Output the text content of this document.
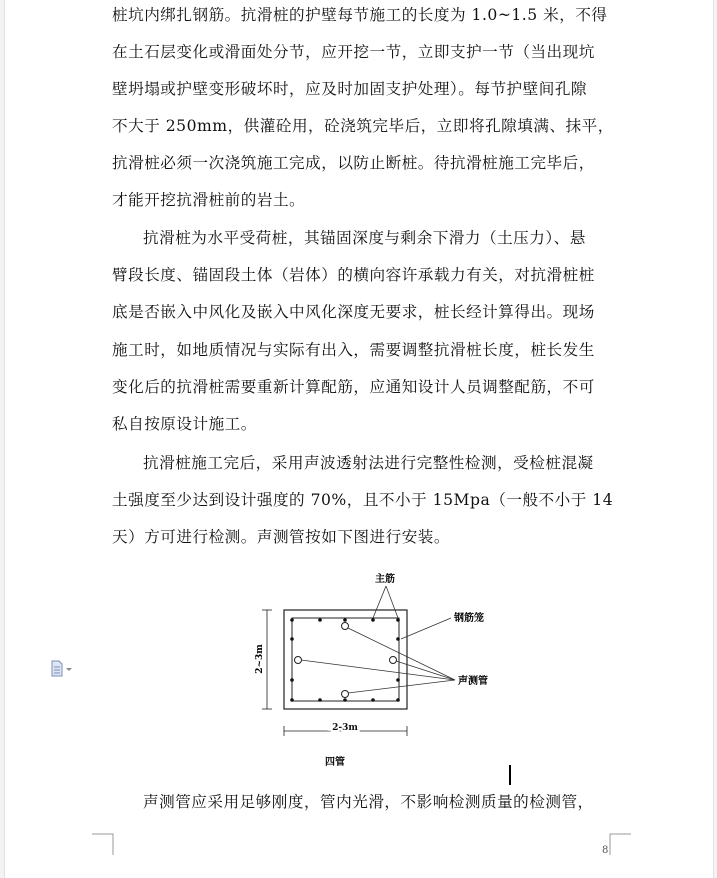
桩坑内绑扎钢筋。抗滑桩的护壁每节施工的长度为 1.0~1.5 米，不得
在土石层变化或滑面处分节，应开挖一节，立即支护一节（当出现坑
壁坍塌或护壁变形破坏时，应及时加固支护处理）。每节护壁间孔隙
不大于 250mm，供灌砼用，砼浇筑完毕后，立即将孔隙填满、抹平，
抗滑桩必须一次浇筑施工完成，以防止断桩。待抗滑桩施工完毕后，
才能开挖抗滑桩前的岩土。
抗滑桩为水平受荷桩，其锚固深度与剩余下滑力（土压力）、悬
臂段长度、锚固段土体（岩体）的横向容许承载力有关，对抗滑桩桩
底是否嵌入中风化及嵌入中风化深度无要求，桩长经计算得出。现场
施工时，如地质情况与实际有出入，需要调整抗滑桩长度，桩长发生
变化后的抗滑桩需要重新计算配筋，应通知设计人员调整配筋，不可
私自按原设计施工。
抗滑桩施工完后，采用声波透射法进行完整性检测，受检桩混凝
土强度至少达到设计强度的 70%，且不小于 15Mpa（一般不小于 14
天）方可进行检测。声测管按如下图进行安装。
主筋
钢筋笼
声测管
2~3m
2-3m
四管
声测管应采用足够刚度，管内光滑，不影响检测质量的检测管，
8
